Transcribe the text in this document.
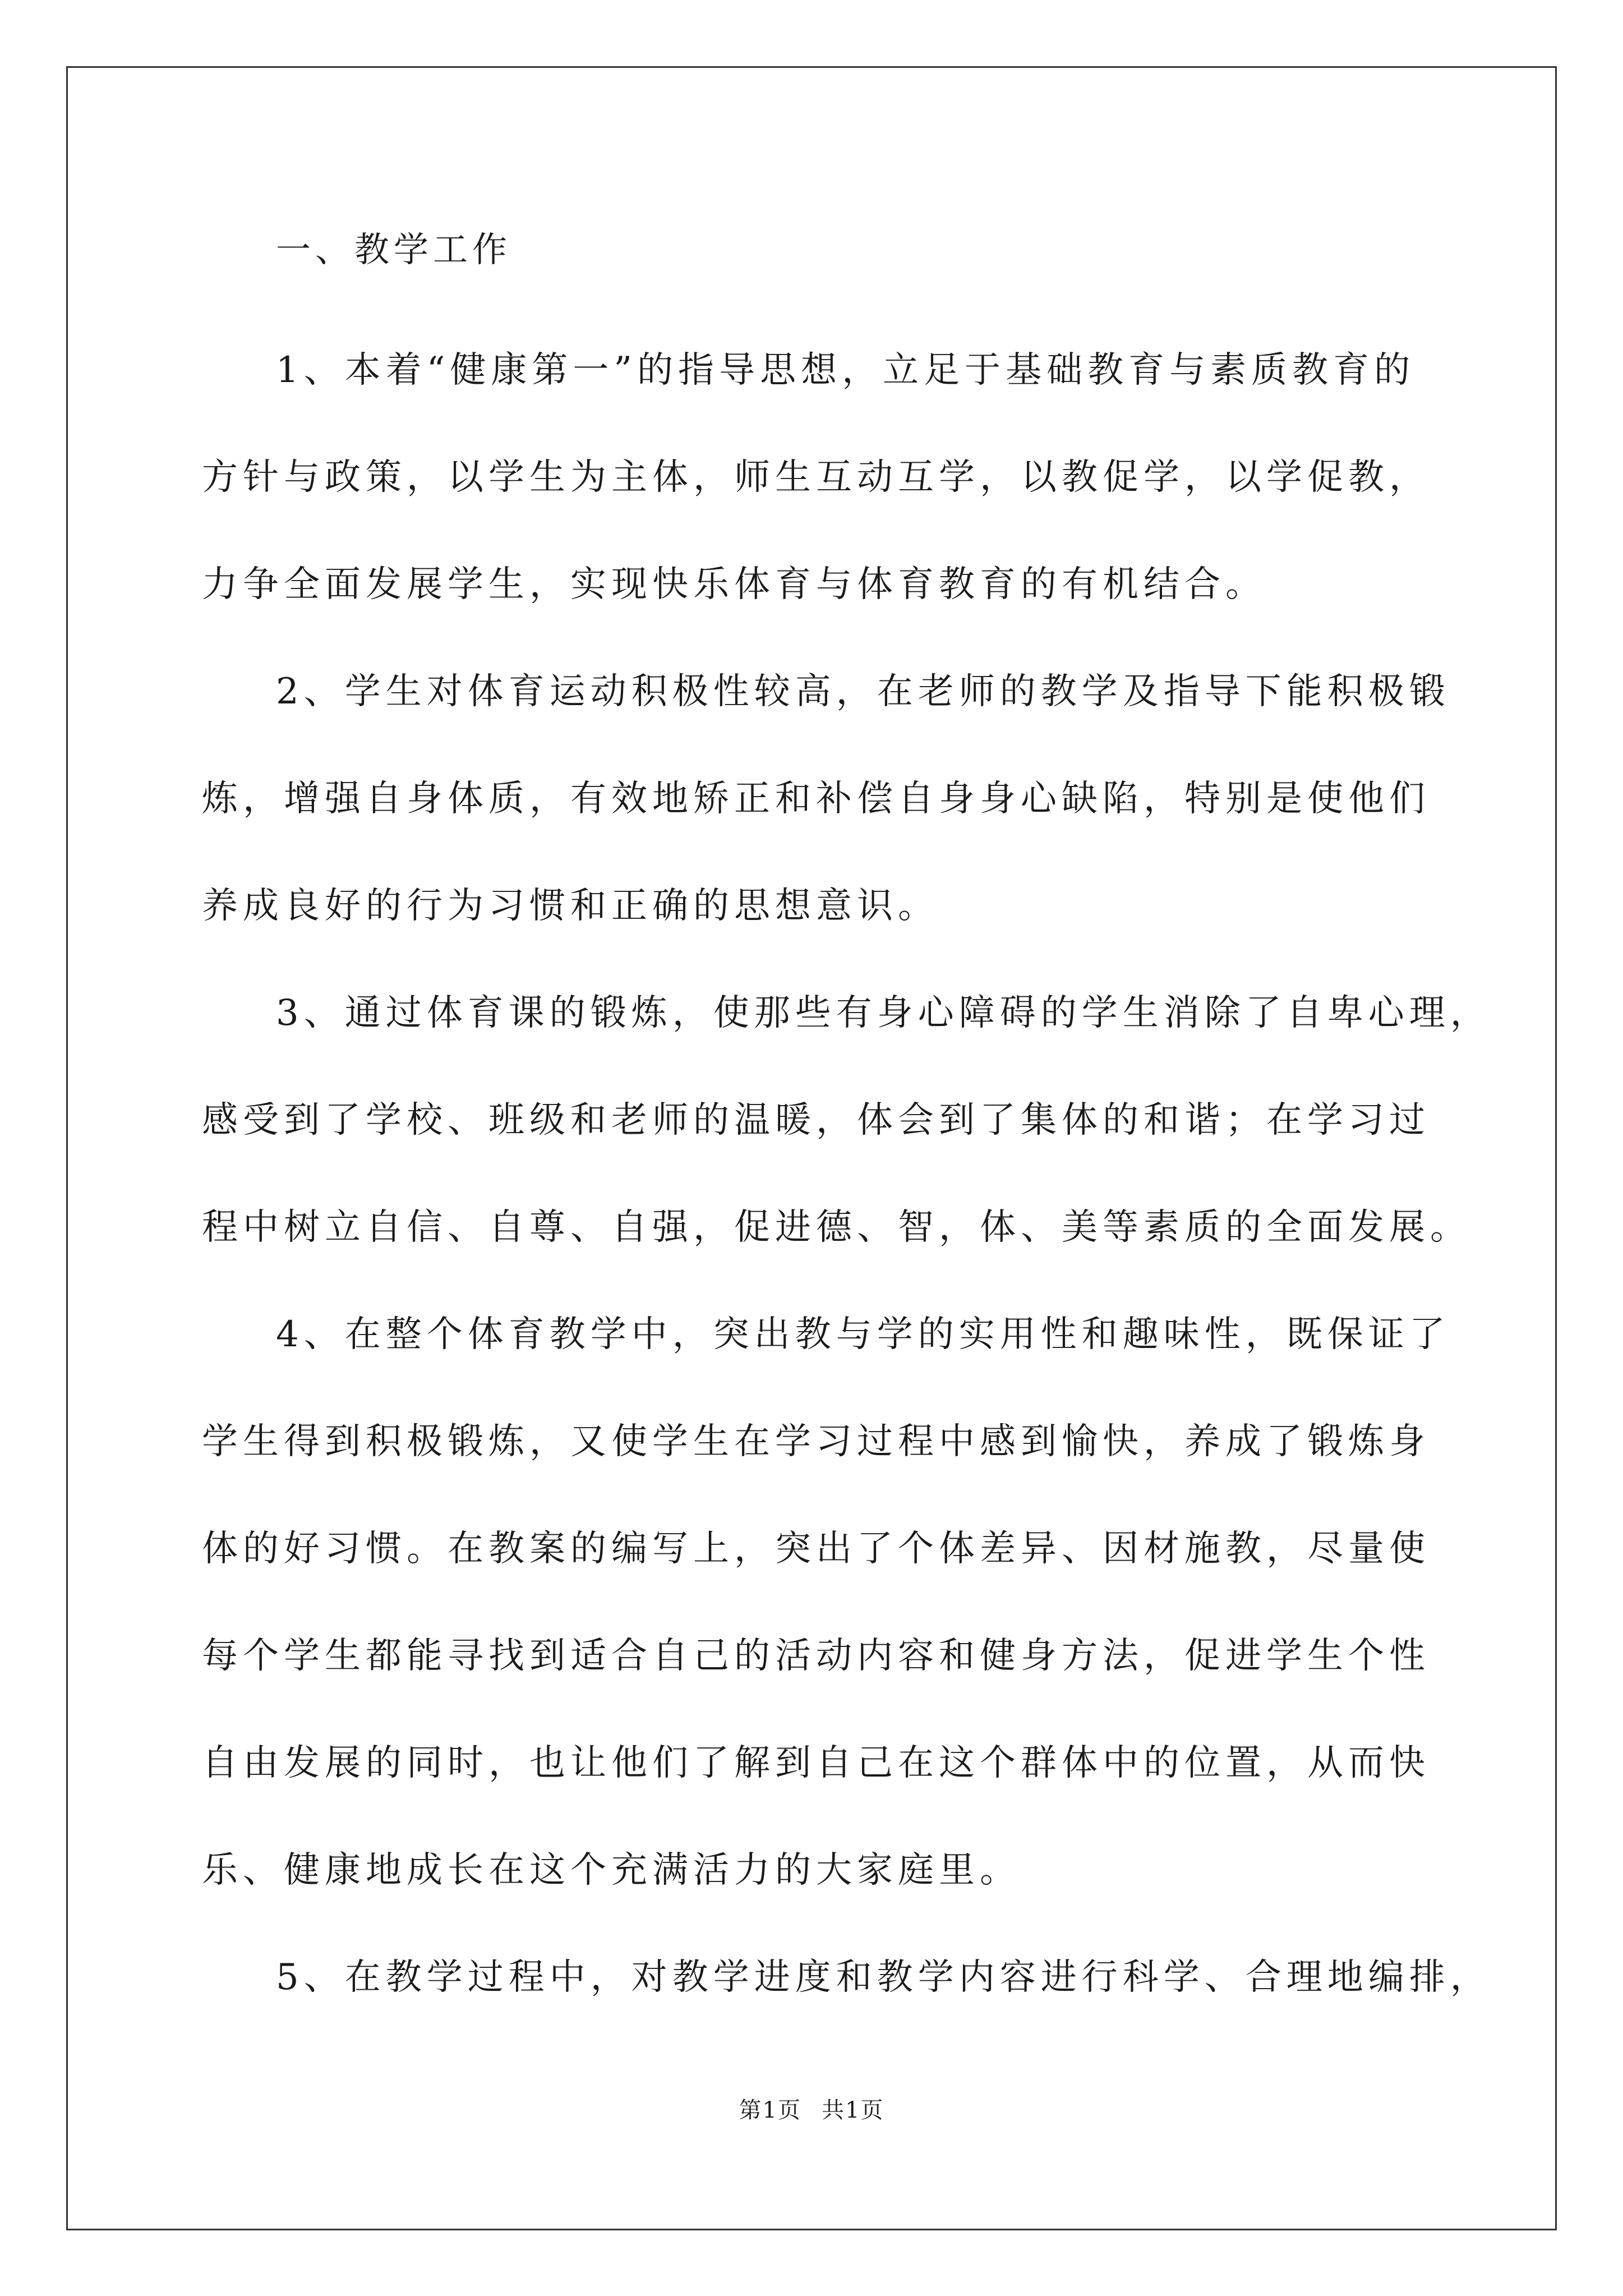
一、教学工作

1、本着“健康第一”的指导思想，立足于基础教育与素质教育的
方针与政策，以学生为主体，师生互动互学，以教促学，以学促教，
力争全面发展学生，实现快乐体育与体育教育的有机结合。
2、学生对体育运动积极性较高，在老师的教学及指导下能积极锻
炼，增强自身体质，有效地矫正和补偿自身身心缺陷，特别是使他们
养成良好的行为习惯和正确的思想意识。
3、通过体育课的锻炼，使那些有身心障碍的学生消除了自卑心理，
感受到了学校、班级和老师的温暖，体会到了集体的和谐；在学习过
程中树立自信、自尊、自强，促进德、智，体、美等素质的全面发展。
4、在整个体育教学中，突出教与学的实用性和趣味性，既保证了
学生得到积极锻炼，又使学生在学习过程中感到愉快，养成了锻炼身
体的好习惯。在教案的编写上，突出了个体差异、因材施教，尽量使
每个学生都能寻找到适合自己的活动内容和健身方法，促进学生个性
自由发展的同时，也让他们了解到自己在这个群体中的位置，从而快
乐、健康地成长在这个充满活力的大家庭里。
5、在教学过程中，对教学进度和教学内容进行科学、合理地编排，
第1页 共1页
